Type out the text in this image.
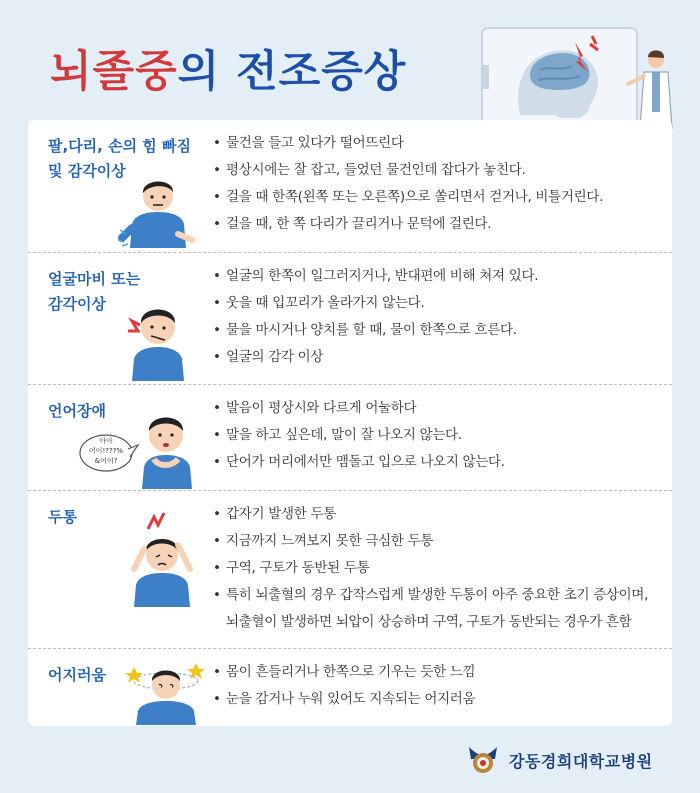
뇌졸중의 전조증상
팔,다리, 손의 힘 빠짐
및 감각이상
• 물건을 들고 있다가 떨어뜨린다
• 평상시에는 잘 잡고, 들었던 물건인데 잡다가 놓친다.
• 걸을 때 한쪽(왼쪽 또는 오른쪽)으로 쏠리면서 걷거나, 비틀거린다.
• 걸을 때, 한 쪽 다리가 끌리거나 문턱에 걸린다.
얼굴마비 또는
감각이상
• 얼굴의 한쪽이 일그러지거나, 반대편에 비해 쳐져 있다.
• 웃을 때 입꼬리가 올라가지 않는다.
• 물을 마시거나 양치를 할 때, 물이 한쪽으로 흐른다.
• 얼굴의 감각 이상
언어장애
아아
어이!???%
&어이?
• 발음이 평상시와 다르게 어눌하다
• 말을 하고 싶은데, 말이 잘 나오지 않는다.
• 단어가 머리에서만 맴돌고 입으로 나오지 않는다.
두통	• 갑자기 발생한 두통
• 지금까지 느껴보지 못한 극심한 두통
• 구역, 구토가 동반된 두통
• 특히 뇌출혈의 경우 갑작스럽게 발생한 두통이 아주 중요한 초기 증상이며,
뇌출혈이 발생하면 뇌압이 상승하며 구역, 구토가 동반되는 경우가 흔함
어지러움	• 몸이 흔들리거나 한쪽으로 기우는 듯한 느낌
• 눈을 감거나 누워 있어도 지속되는 어지러움
강동경희대학교병원
